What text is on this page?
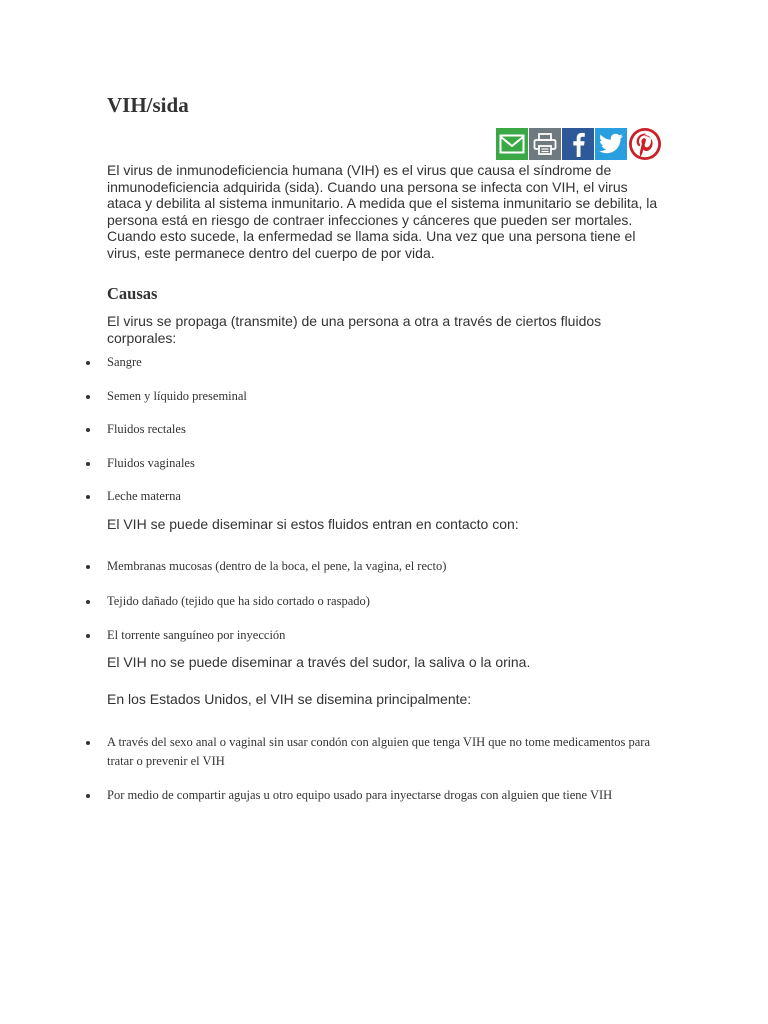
VIH/sida

El virus de inmunodeficiencia humana (VIH) es el virus que causa el síndrome de inmunodeficiencia adquirida (sida). Cuando una persona se infecta con VIH, el virus ataca y debilita al sistema inmunitario. A medida que el sistema inmunitario se debilita, la persona está en riesgo de contraer infecciones y cánceres que pueden ser mortales. Cuando esto sucede, la enfermedad se llama sida. Una vez que una persona tiene el virus, este permanece dentro del cuerpo de por vida.

Causas

El virus se propaga (transmite) de una persona a otra a través de ciertos fluidos corporales:

Sangre
Semen y líquido preseminal
Fluidos rectales
Fluidos vaginales
Leche materna

El VIH se puede diseminar si estos fluidos entran en contacto con:

Membranas mucosas (dentro de la boca, el pene, la vagina, el recto)
Tejido dañado (tejido que ha sido cortado o raspado)
El torrente sanguíneo por inyección

El VIH no se puede diseminar a través del sudor, la saliva o la orina.

En los Estados Unidos, el VIH se disemina principalmente:

A través del sexo anal o vaginal sin usar condón con alguien que tenga VIH que no tome medicamentos para tratar o prevenir el VIH
Por medio de compartir agujas u otro equipo usado para inyectarse drogas con alguien que tiene VIH
